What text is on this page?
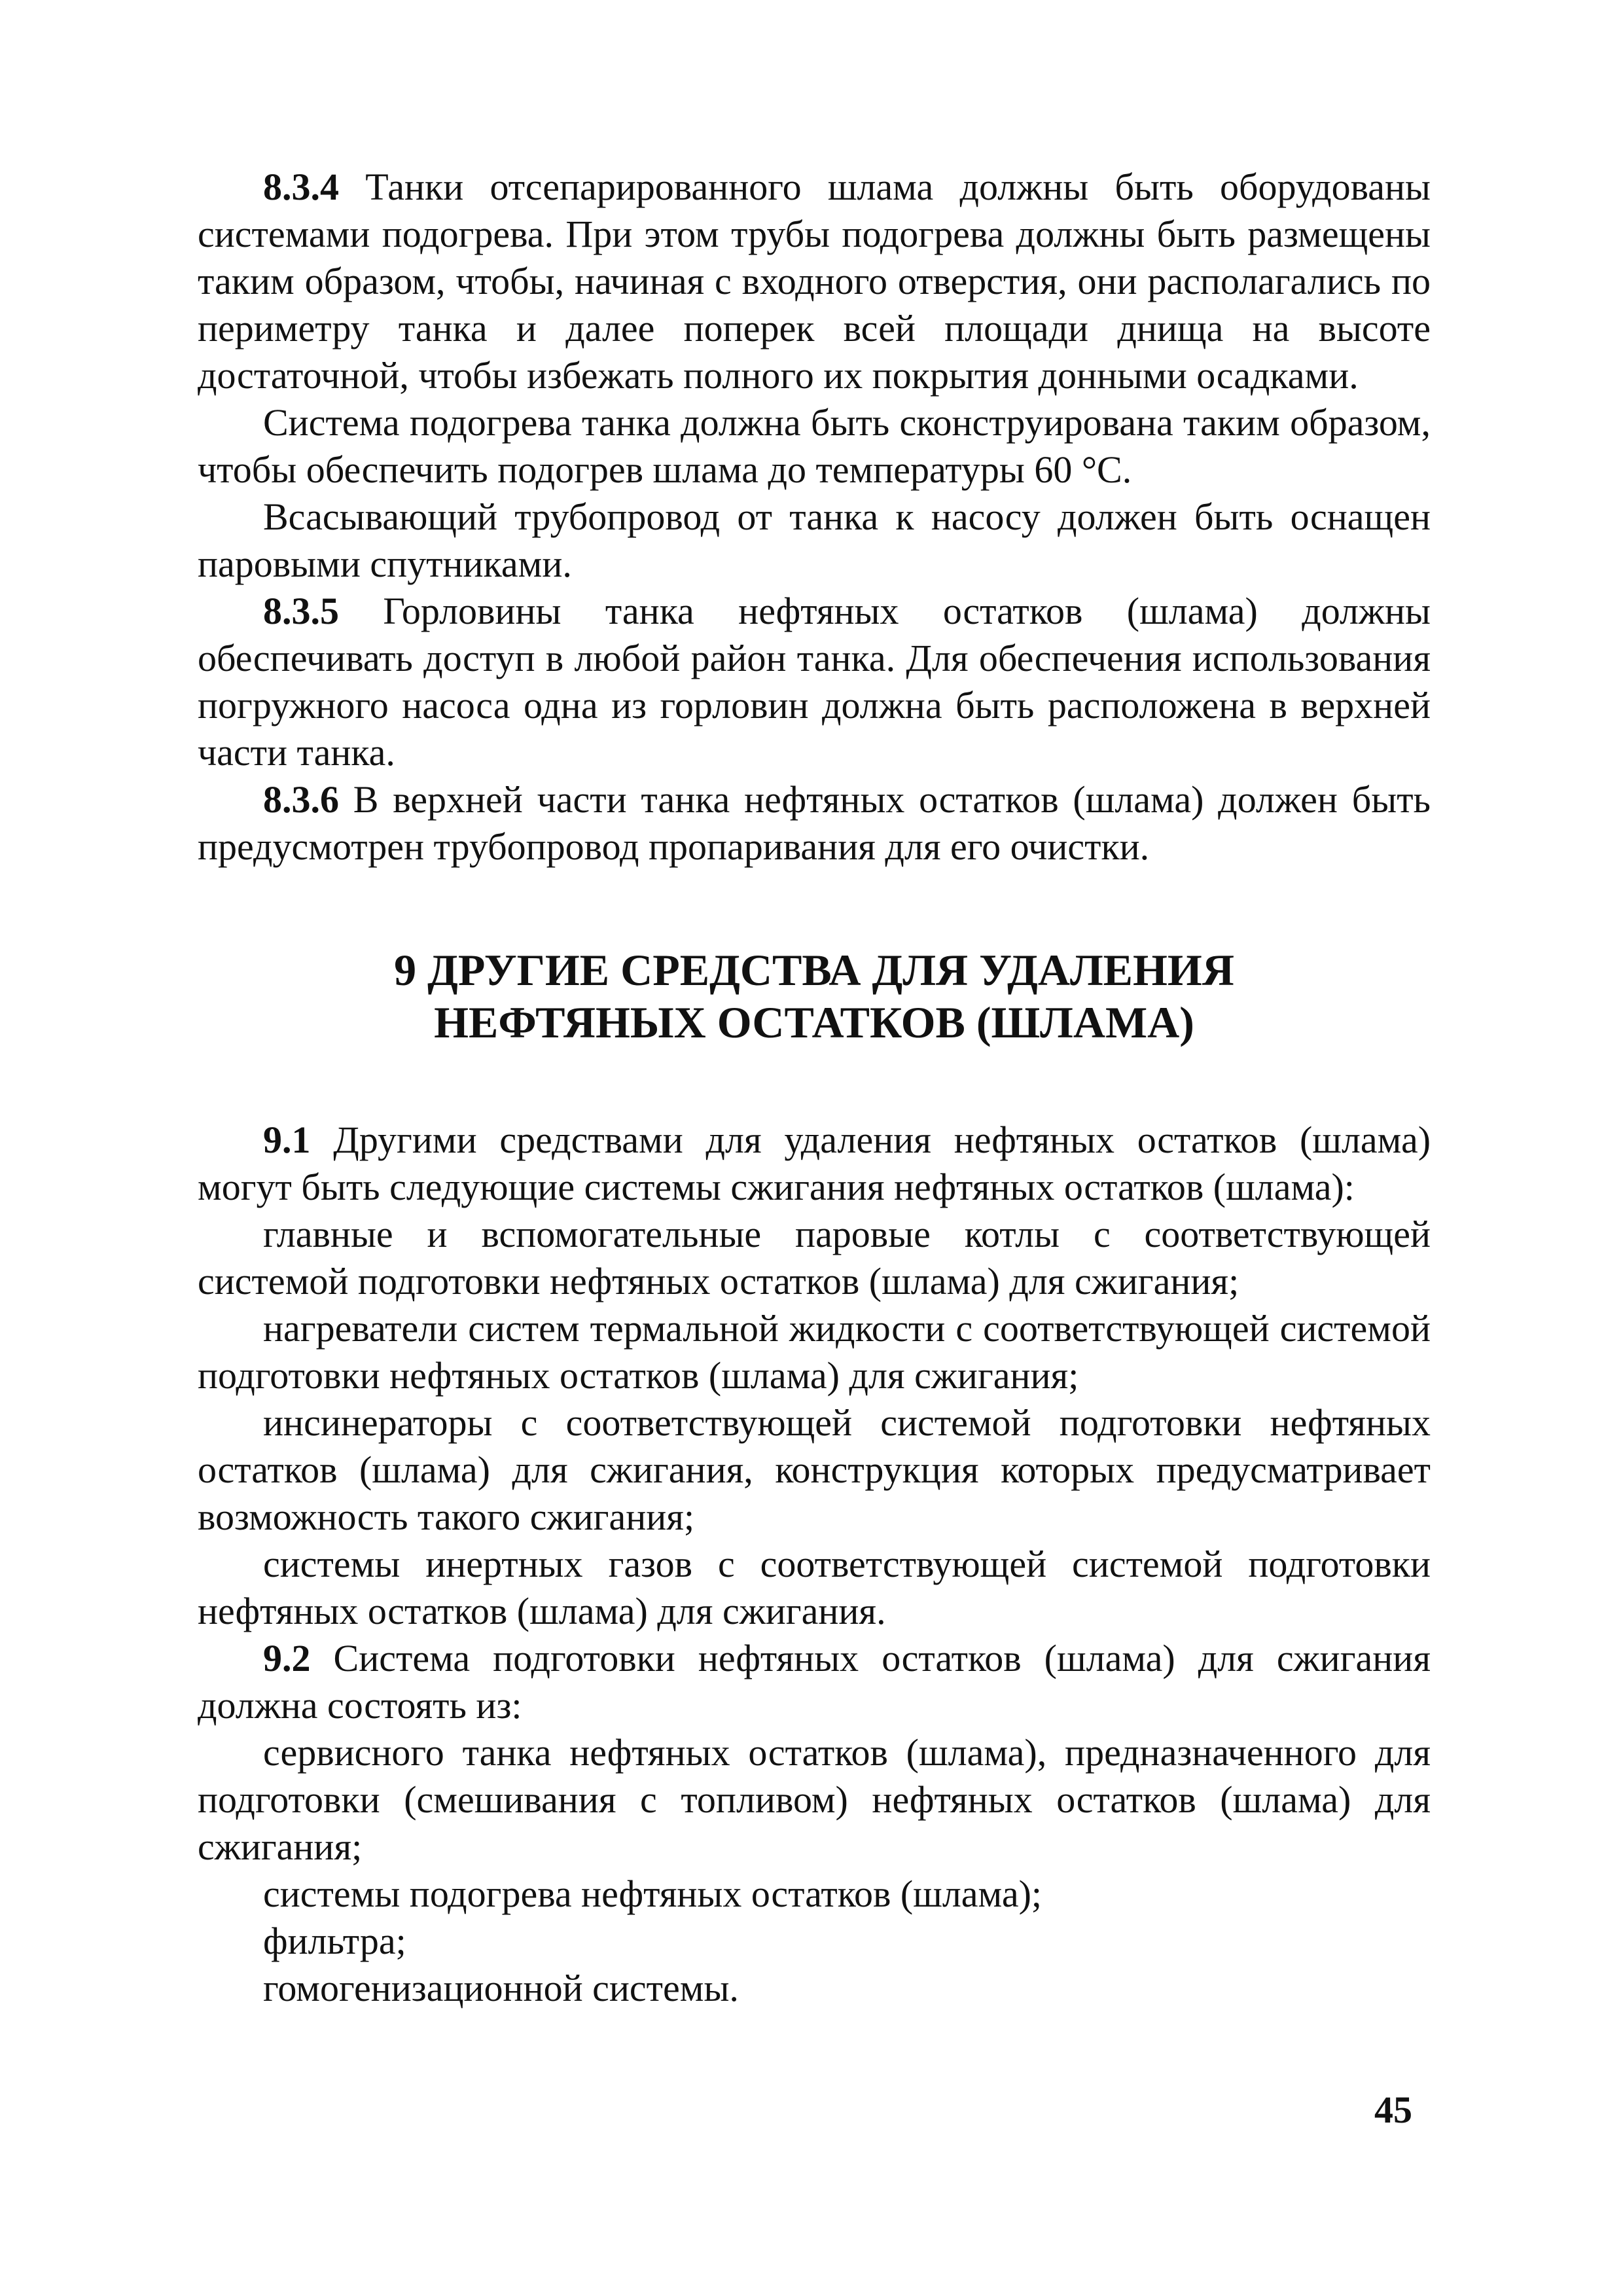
8.3.4 Танки отсепарированного шлама должны быть оборудованы системами подогрева. При этом трубы подогрева должны быть размещены таким образом, чтобы, начиная с входного отверстия, они располагались по периметру танка и далее поперек всей площади днища на высоте достаточной, чтобы избежать полного их покрытия донными осадками.

Система подогрева танка должна быть сконструирована таким образом, чтобы обеспечить подогрев шлама до температуры 60 °С.

Всасывающий трубопровод от танка к насосу должен быть оснащен паровыми спутниками.

8.3.5 Горловины танка нефтяных остатков (шлама) должны обеспечивать доступ в любой район танка. Для обеспечения использования погружного насоса одна из горловин должна быть расположена в верхней части танка.

8.3.6 В верхней части танка нефтяных остатков (шлама) должен быть предусмотрен трубопровод пропаривания для его очистки.

9 ДРУГИЕ СРЕДСТВА ДЛЯ УДАЛЕНИЯ
НЕФТЯНЫХ ОСТАТКОВ (ШЛАМА)

9.1 Другими средствами для удаления нефтяных остатков (шлама) могут быть следующие системы сжигания нефтяных остатков (шлама):

главные и вспомогательные паровые котлы с соответствующей системой подготовки нефтяных остатков (шлама) для сжигания;

нагреватели систем термальной жидкости с соответствующей системой подготовки нефтяных остатков (шлама) для сжигания;

инсинераторы с соответствующей системой подготовки нефтяных остатков (шлама) для сжигания, конструкция которых предусматривает возможность такого сжигания;

системы инертных газов с соответствующей системой подготовки нефтяных остатков (шлама) для сжигания.

9.2 Система подготовки нефтяных остатков (шлама) для сжигания должна состоять из:

сервисного танка нефтяных остатков (шлама), предназначенного для подготовки (смешивания с топливом) нефтяных остатков (шлама) для сжигания;

системы подогрева нефтяных остатков (шлама);

фильтра;

гомогенизационной системы.

45
